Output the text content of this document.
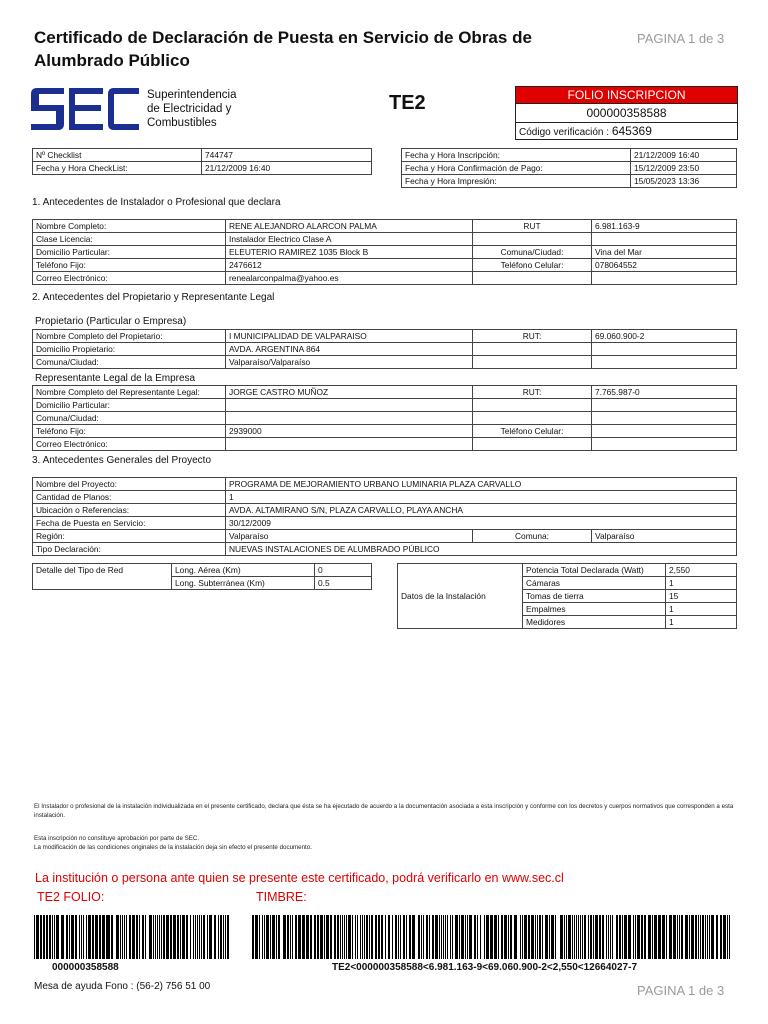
Certificado de Declaración de Puesta en Servicio de Obras de Alumbrado Público
PAGINA 1 de 3
Superintendencia
de Electricidad y
Combustibles
TE2	FOLIO INSCRIPCION
000000358588
Código verificación : 645369
Nº Checklist	744747
Fecha y Hora CheckList:	21/12/2009 16:40
Fecha y Hora Inscripción:	21/12/2009 16:40
Fecha y Hora Confirmación de Pago:	15/12/2009 23:50
Fecha y Hora Impresión:	15/05/2023 13:36
1. Antecedentes de Instalador o Profesional que declara
Nombre Completo:	RENE ALEJANDRO ALARCON PALMA	RUT	6.981.163-9
Clase Licencia:	Instalador Electrico Clase A		
Domicilio Particular:	ELEUTERIO RAMIREZ 1035 Block B	Comuna/Ciudad:	Vina del Mar
Teléfono Fijo:	2476612	Teléfono Celular:	078064552
Correo Electrónico:	renealarconpalma@yahoo.es		
2. Antecedentes del Propietario y Representante Legal
Propietario (Particular o Empresa)
Nombre Completo del Propietario:	I MUNICIPALIDAD DE VALPARAISO	RUT:	69.060.900-2
Domicilio Propietario:	AVDA. ARGENTINA 864		
Comuna/Ciudad:	Valparaíso/Valparaíso		
Representante Legal de la Empresa
Nombre Completo del Representante Legal:	JORGE CASTRO MUÑOZ	RUT:	7.765.987-0
Domicilio Particular:			
Comuna/Ciudad:			
Teléfono Fijo:	2939000	Teléfono Celular:	
Correo Electrónico:			
3. Antecedentes Generales del Proyecto
Nombre del Proyecto:	PROGRAMA DE MEJORAMIENTO URBANO LUMINARIA PLAZA CARVALLO		
Cantidad de Planos:	1		
Ubicación o Referencias:	AVDA. ALTAMIRANO S/N, PLAZA CARVALLO, PLAYA ANCHA		
Fecha de Puesta en Servicio:	30/12/2009		
Región:	Valparaíso	Comuna:	Valparaíso
Tipo Declaración:	NUEVAS INSTALACIONES DE ALUMBRADO PÚBLICO		
Detalle del Tipo de Red	Long. Aérea (Km)	0
	Long. Subterránea (Km)	0.5
Datos de la Instalación	Potencia Total Declarada (Watt)	2,550
	Cámaras	1
	Tomas de tierra	15
	Empalmes	1
	Medidores	1
El Instalador o profesional de la instalación individualizada en el presente certificado, declara que ésta se ha ejecutado de acuerdo a la documentación asociada a esta inscripción y conforme con los decretos y cuerpos normativos que corresponden a esta instalación.
Esta inscripción no constituye aprobación por parte de SEC.
La modificación de las condiciones originales de la instalación deja sin efecto el presente documento.
La institución o persona ante quien se presente este certificado, podrá verificarlo en www.sec.cl
TE2 FOLIO:	TIMBRE:
000000358588	TE2<000000358588<6.981.163-9<69.060.900-2<2,550<12664027-7
Mesa de ayuda Fono : (56-2) 756 51 00	PAGINA 1 de 3
